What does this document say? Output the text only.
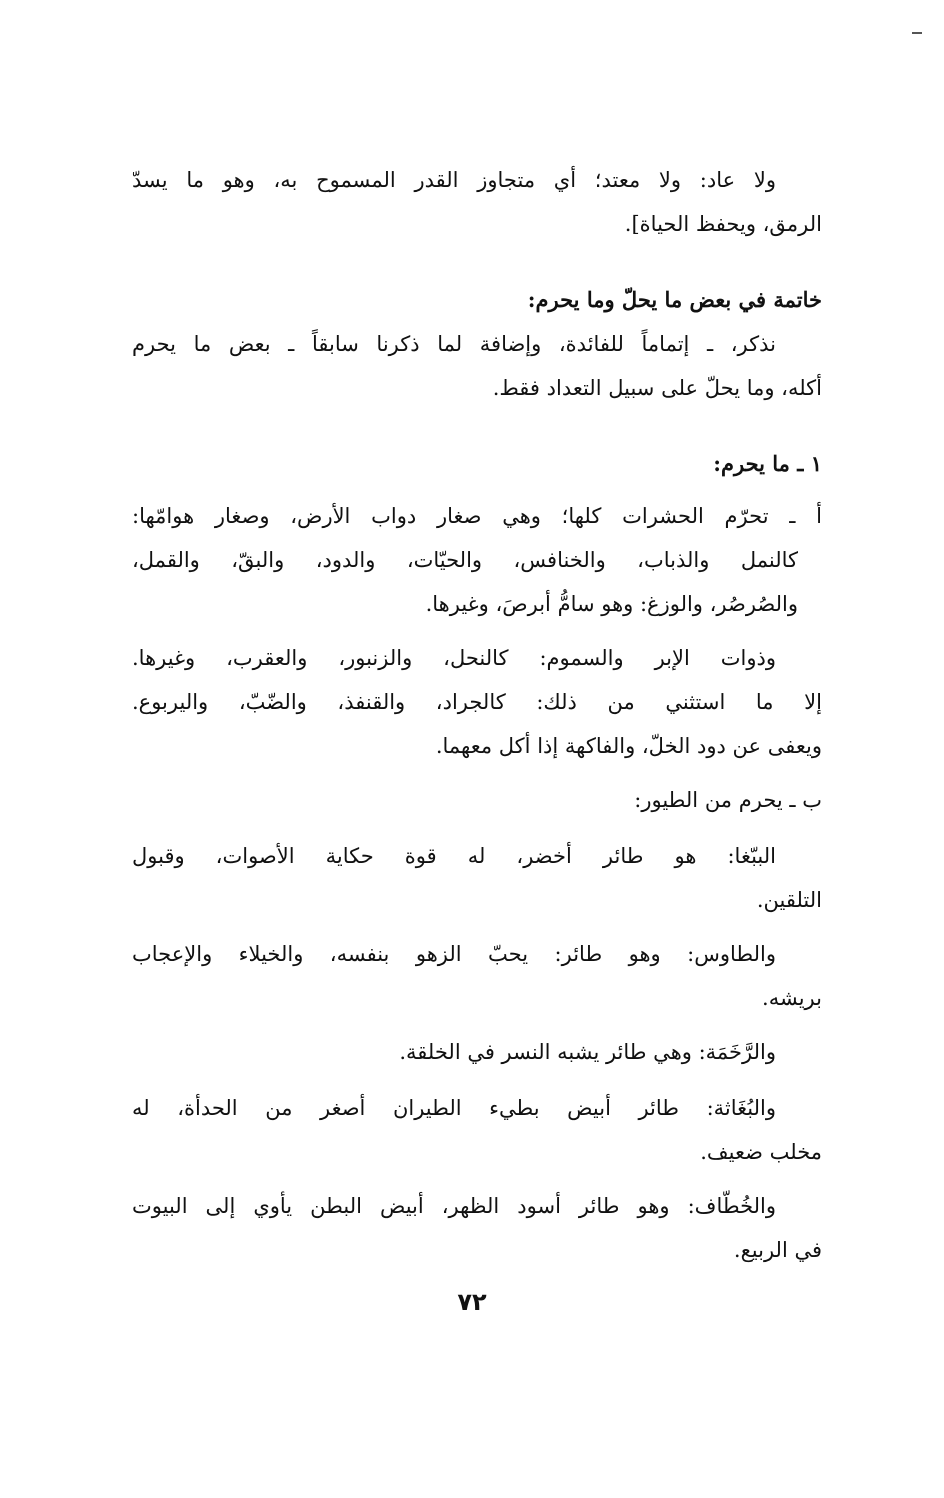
ولا عاد: ولا معتد؛ أي متجاوز القدر المسموح به، وهو ما يسدّ
الرمق، ويحفظ الحياة].
خاتمة في بعض ما يحلّ وما يحرم:
نذكر، ـ إتماماً للفائدة، وإضافة لما ذكرنا سابقاً ـ بعض ما يحرم
أكله، وما يحلّ على سبيل التعداد فقط.
١ ـ ما يحرم:
أ ـ تحرّم الحشرات كلها؛ وهي صغار دواب الأرض، وصغار هوامّها:
كالنمل والذباب، والخنافس، والحيّات، والدود، والبقّ، والقمل،
والصُرصُر، والوزغ: وهو سامُّ أبرصَ، وغيرها.
وذوات الإبر والسموم: كالنحل، والزنبور، والعقرب، وغيرها.
إلا ما استثني من ذلك: كالجراد، والقنفذ، والضّبّ، واليربوع.
ويعفى عن دود الخلّ، والفاكهة إذا أكل معهما.
ب ـ يحرم من الطيور:
الببّغا: هو طائر أخضر، له قوة حكاية الأصوات، وقبول
التلقين.
والطاوس: وهو طائر: يحبّ الزهو بنفسه، والخيلاء والإعجاب
بريشه.
والرَّخَمَة: وهي طائر يشبه النسر في الخلقة.
والبُغَاثة: طائر أبيض بطيء الطيران أصغر من الحدأة، له
مخلب ضعيف.
والخُطّاف: وهو طائر أسود الظهر، أبيض البطن يأوي إلى البيوت
في الربيع.
٧٢
